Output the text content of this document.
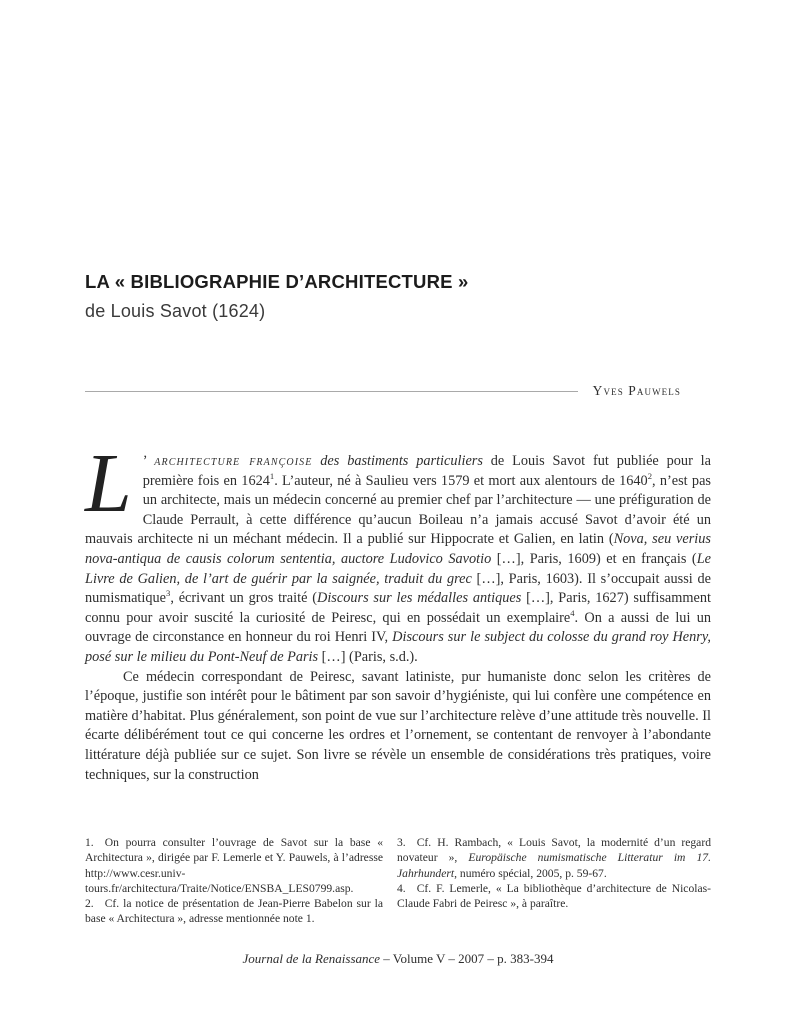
LA « BIBLIOGRAPHIE D’ARCHITECTURE »
de Louis Savot (1624)
Yves Pauwels

L ’ architecture françoise des bastiments particuliers de Louis Savot fut publiée pour la première fois en 1624$^1$. L’auteur, né à Saulieu vers 1579 et mort aux alentours de 1640$^2$, n’est pas un architecte, mais un médecin concerné au premier chef par l’architecture — une préfiguration de Claude Perrault, à cette différence qu’aucun Boileau n’a jamais accusé Savot d’avoir été un mauvais architecte ni un méchant médecin. Il a publié sur Hippocrate et Galien, en latin (Nova, seu verius nova-antiqua de causis colorum sententia, auctore Ludovico Savotio […], Paris, 1609) et en français (Le Livre de Galien, de l’art de guérir par la saignée, traduit du grec […], Paris, 1603). Il s’occupait aussi de numismatique$^3$, écrivant un gros traité (Discours sur les médalles antiques […], Paris, 1627) suffisamment connu pour avoir suscité la curiosité de Peiresc, qui en possédait un exemplaire$^4$. On a aussi de lui un ouvrage de circonstance en honneur du roi Henri IV, Discours sur le subject du colosse du grand roy Henry, posé sur le milieu du Pont-Neuf de Paris […] (Paris, s.d.).

Ce médecin correspondant de Peiresc, savant latiniste, pur humaniste donc selon les critères de l’époque, justifie son intérêt pour le bâtiment par son savoir d’hygiéniste, qui lui confère une compétence en matière d’habitat. Plus généralement, son point de vue sur l’architecture relève d’une attitude très nouvelle. Il écarte délibérément tout ce qui concerne les ordres et l’ornement, se contentant de renvoyer à l’abondante littérature déjà publiée sur ce sujet. Son livre se révèle un ensemble de considérations très pratiques, voire techniques, sur la construction

1. On pourra consulter l’ouvrage de Savot sur la base « Architectura », dirigée par F. Lemerle et Y. Pauwels, à l’adresse http://www.cesr.univ-tours.fr/architectura/Traite/Notice/ENSBA_LES0799.asp.

2. Cf. la notice de présentation de Jean-Pierre Babelon sur la base « Architectura », adresse mentionnée note 1.

3. Cf. H. Rambach, « Louis Savot, la modernité d’un regard novateur », Europäische numismatische Litteratur im 17. Jahrhundert, numéro spécial, 2005, p. 59-67.

4. Cf. F. Lemerle, « La bibliothèque d’architecture de Nicolas-Claude Fabri de Peiresc », à paraître.

Journal de la Renaissance – Volume V – 2007 – p. 383-394
